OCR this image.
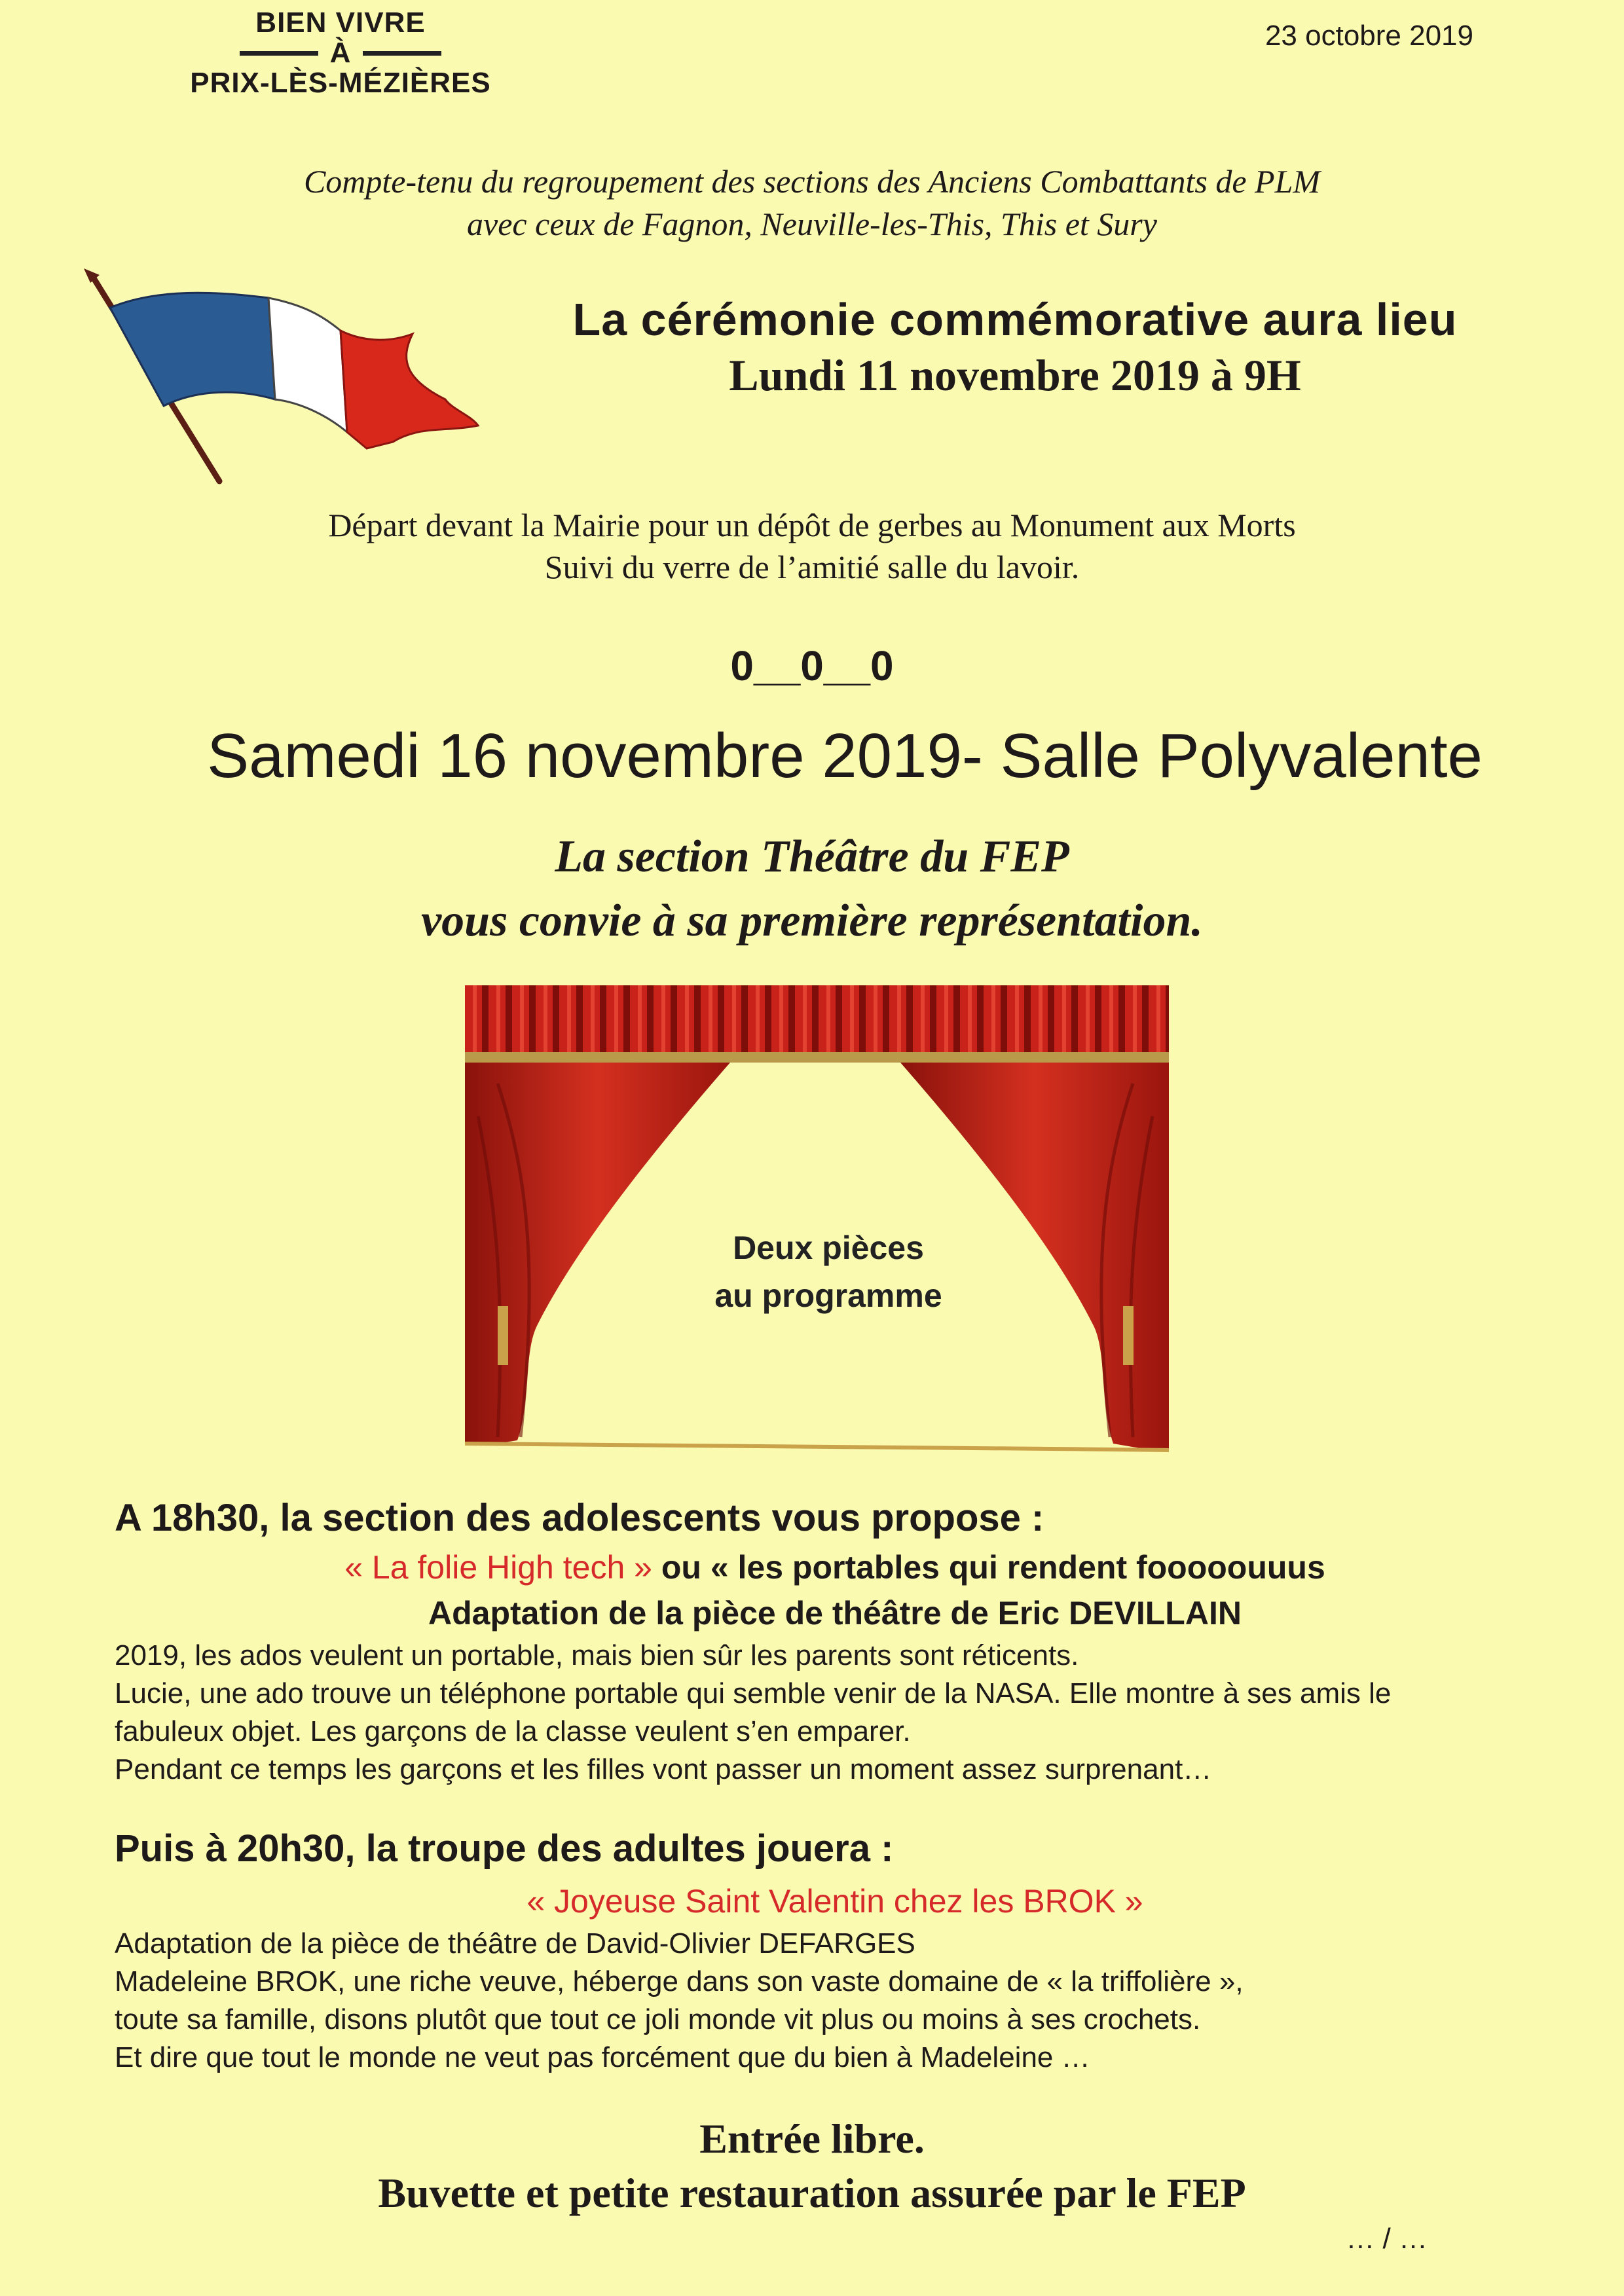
BIEN VIVRE
À
PRIX-LÈS-MÉZIÈRES
23 octobre 2019
Compte-tenu du regroupement des sections des Anciens Combattants de PLM
avec ceux de Fagnon, Neuville-les-This, This et Sury
La cérémonie commémorative aura lieu
Lundi 11 novembre 2019 à 9H
Départ devant la Mairie pour un dépôt de gerbes au Monument aux Morts
Suivi du verre de l’amitié salle du lavoir.
0__0__0
Samedi 16 novembre 2019- Salle Polyvalente
La section Théâtre du FEP
vous convie à sa première représentation.
Deux pièces
au programme
A 18h30, la section des adolescents vous propose :
« La folie High tech » ou « les portables qui rendent fooooouuus
Adaptation de la pièce de théâtre de Eric DEVILLAIN
2019, les ados veulent un portable, mais bien sûr les parents sont réticents.
Lucie, une ado trouve un téléphone portable qui semble venir de la NASA. Elle montre à ses amis le
fabuleux objet. Les garçons de la classe veulent s’en emparer.
Pendant ce temps les garçons et les filles vont passer un moment assez surprenant…
Puis à 20h30, la troupe des adultes jouera :
« Joyeuse Saint Valentin chez les BROK »
Adaptation de la pièce de théâtre de David-Olivier DEFARGES
Madeleine BROK, une riche veuve, héberge dans son vaste domaine de « la triffolière »,
toute sa famille, disons plutôt que tout ce joli monde vit plus ou moins à ses crochets.
Et dire que tout le monde ne veut pas forcément que du bien à Madeleine …
Entrée libre.
Buvette et petite restauration assurée par le FEP
… / …
